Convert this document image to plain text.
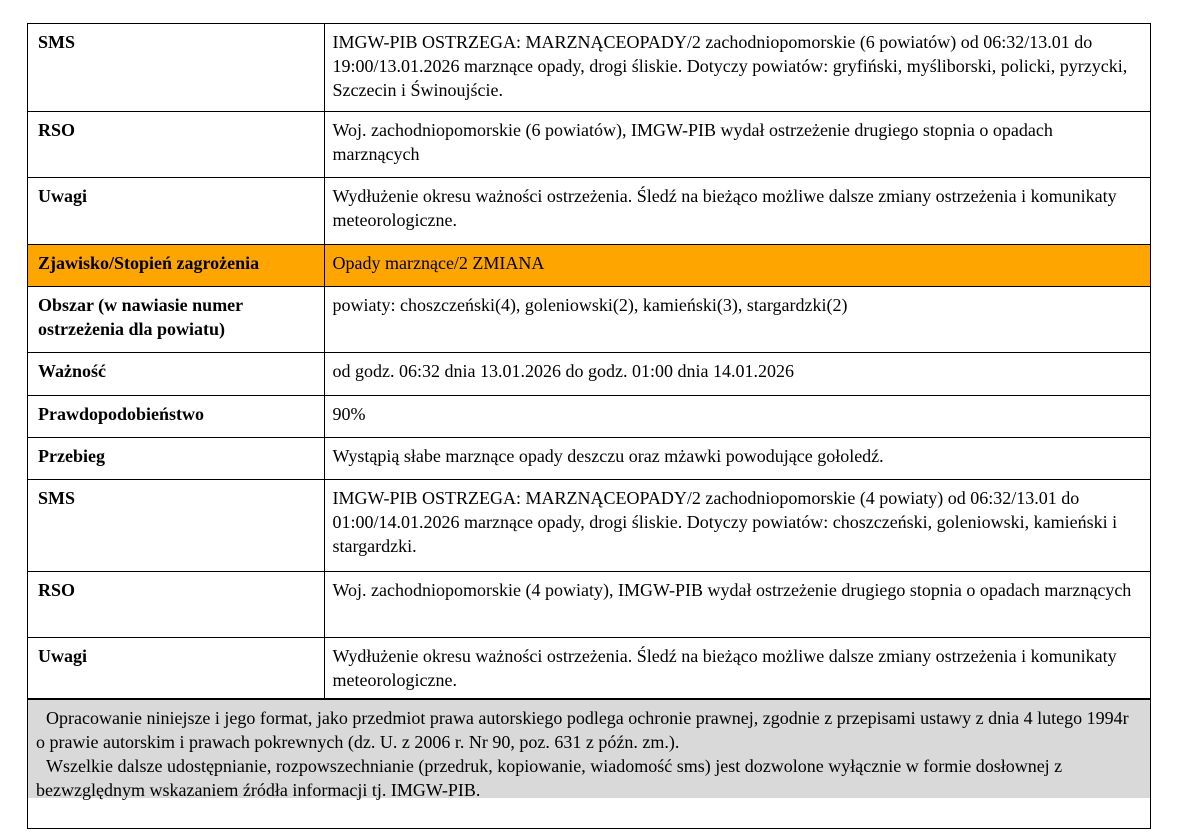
SMS	IMGW-PIB OSTRZEGA: MARZNĄCEOPADY/2 zachodniopomorskie (6 powiatów) od 06:32/13.01 do 19:00/13.01.2026 marznące opady, drogi śliskie. Dotyczy powiatów: gryfiński, myśliborski, policki, pyrzycki, Szczecin i Świnoujście.
RSO	Woj. zachodniopomorskie (6 powiatów), IMGW-PIB wydał ostrzeżenie drugiego stopnia o opadach marznących
Uwagi	Wydłużenie okresu ważności ostrzeżenia. Śledź na bieżąco możliwe dalsze zmiany ostrzeżenia i komunikaty meteorologiczne.
Zjawisko/Stopień zagrożenia	Opady marznące/2 ZMIANA
Obszar (w nawiasie numer ostrzeżenia dla powiatu)	powiaty: choszczeński(4), goleniowski(2), kamieński(3), stargardzki(2)
Ważność	od godz. 06:32 dnia 13.01.2026 do godz. 01:00 dnia 14.01.2026
Prawdopodobieństwo	90%
Przebieg	Wystąpią słabe marznące opady deszczu oraz mżawki powodujące gołoledź.
SMS	IMGW-PIB OSTRZEGA: MARZNĄCEOPADY/2 zachodniopomorskie (4 powiaty) od 06:32/13.01 do 01:00/14.01.2026 marznące opady, drogi śliskie. Dotyczy powiatów: choszczeński, goleniowski, kamieński i stargardzki.
RSO	Woj. zachodniopomorskie (4 powiaty), IMGW-PIB wydał ostrzeżenie drugiego stopnia o opadach marznących
Uwagi	Wydłużenie okresu ważności ostrzeżenia. Śledź na bieżąco możliwe dalsze zmiany ostrzeżenia i komunikaty meteorologiczne.

Opracowanie niniejsze i jego format, jako przedmiot prawa autorskiego podlega ochronie prawnej, zgodnie z przepisami ustawy z dnia 4 lutego 1994r o prawie autorskim i prawach pokrewnych (dz. U. z 2006 r. Nr 90, poz. 631 z późn. zm.).

Wszelkie dalsze udostępnianie, rozpowszechnianie (przedruk, kopiowanie, wiadomość sms) jest dozwolone wyłącznie w formie dosłownej z bezwzględnym wskazaniem źródła informacji tj. IMGW-PIB.
